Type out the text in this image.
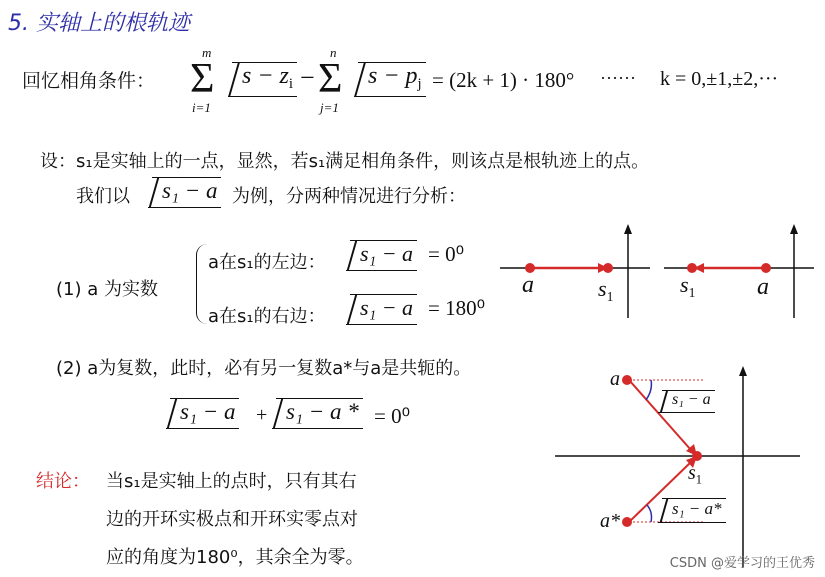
5. 实轴上的根轨迹
回忆相角条件：
m
Σ
i=1
$s - z_i$ −
n
Σ
j=1
$s - p_j = (2k + 1) \cdot 180^\circ$ ······ k = 0,±1,±2,···
设：s₁是实轴上的一点，显然，若s₁满足相角条件，则该点是根轨迹上的点。
我们以	s₁ − a 为例，分两种情况进行分析：
(1) a 为实数
a在s₁的左边：	s₁ − a = 0⁰
a在s₁的右边：	s₁ − a = 180⁰
a	$s_1$	$s_1$	a
(2) a为复数，此时，必有另一复数a*与a是共轭的。
s₁ − a + s₁ − a * = 0⁰
a
a*
$s_1$
s₁ − a
s₁ − a*
结论： 当s₁是实轴上的点时，只有其右
边的开环实极点和开环实零点对
应的角度为180⁰，其余全为零。	CSDN @爱学习的王优秀
